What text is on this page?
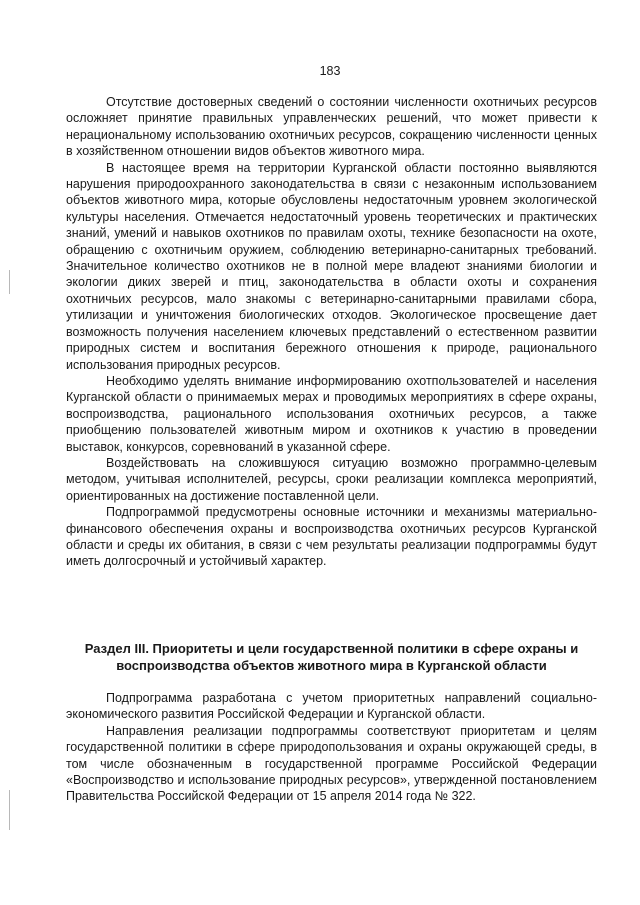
183

Отсутствие достоверных сведений о состоянии численности охотничьих ресурсов осложняет принятие правильных управленческих решений, что может привести к нерациональному использованию охотничьих ресурсов, сокращению численности ценных в хозяйственном отношении видов объектов животного мира.

В настоящее время на территории Курганской области постоянно выявляются нарушения природоохранного законодательства в связи с незаконным использованием объектов животного мира, которые обусловлены недостаточным уровнем экологической культуры населения. Отмечается недостаточный уровень теоретических и практических знаний, умений и навыков охотников по правилам охоты, технике безопасности на охоте, обращению с охотничьим оружием, соблюдению ветеринарно-санитарных требований. Значительное количество охотников не в полной мере владеют знаниями биологии и экологии диких зверей и птиц, законодательства в области охоты и сохранения охотничьих ресурсов, мало знакомы с ветеринарно-санитарными правилами сбора, утилизации и уничтожения биологических отходов. Экологическое просвещение дает возможность получения населением ключевых представлений о естественном развитии природных систем и воспитания бережного отношения к природе, рационального использования природных ресурсов.

Необходимо уделять внимание информированию охотпользователей и населения Курганской области о принимаемых мерах и проводимых мероприятиях в сфере охраны, воспроизводства, рационального использования охотничьих ресурсов, а также приобщению пользователей животным миром и охотников к участию в проведении выставок, конкурсов, соревнований в указанной сфере.

Воздействовать на сложившуюся ситуацию возможно программно-целевым методом, учитывая исполнителей, ресурсы, сроки реализации комплекса мероприятий, ориентированных на достижение поставленной цели.

Подпрограммой предусмотрены основные источники и механизмы материально-финансового обеспечения охраны и воспроизводства охотничьих ресурсов Курганской области и среды их обитания, в связи с чем результаты реализации подпрограммы будут иметь долгосрочный и устойчивый характер.

Раздел III. Приоритеты и цели государственной политики в сфере охраны и воспроизводства объектов животного мира в Курганской области

Подпрограмма разработана с учетом приоритетных направлений социально-экономического развития Российской Федерации и Курганской области.

Направления реализации подпрограммы соответствуют приоритетам и целям государственной политики в сфере природопользования и охраны окружающей среды, в том числе обозначенным в государственной программе Российской Федерации «Воспроизводство и использование природных ресурсов», утвержденной постановлением Правительства Российской Федерации от 15 апреля 2014 года № 322.
